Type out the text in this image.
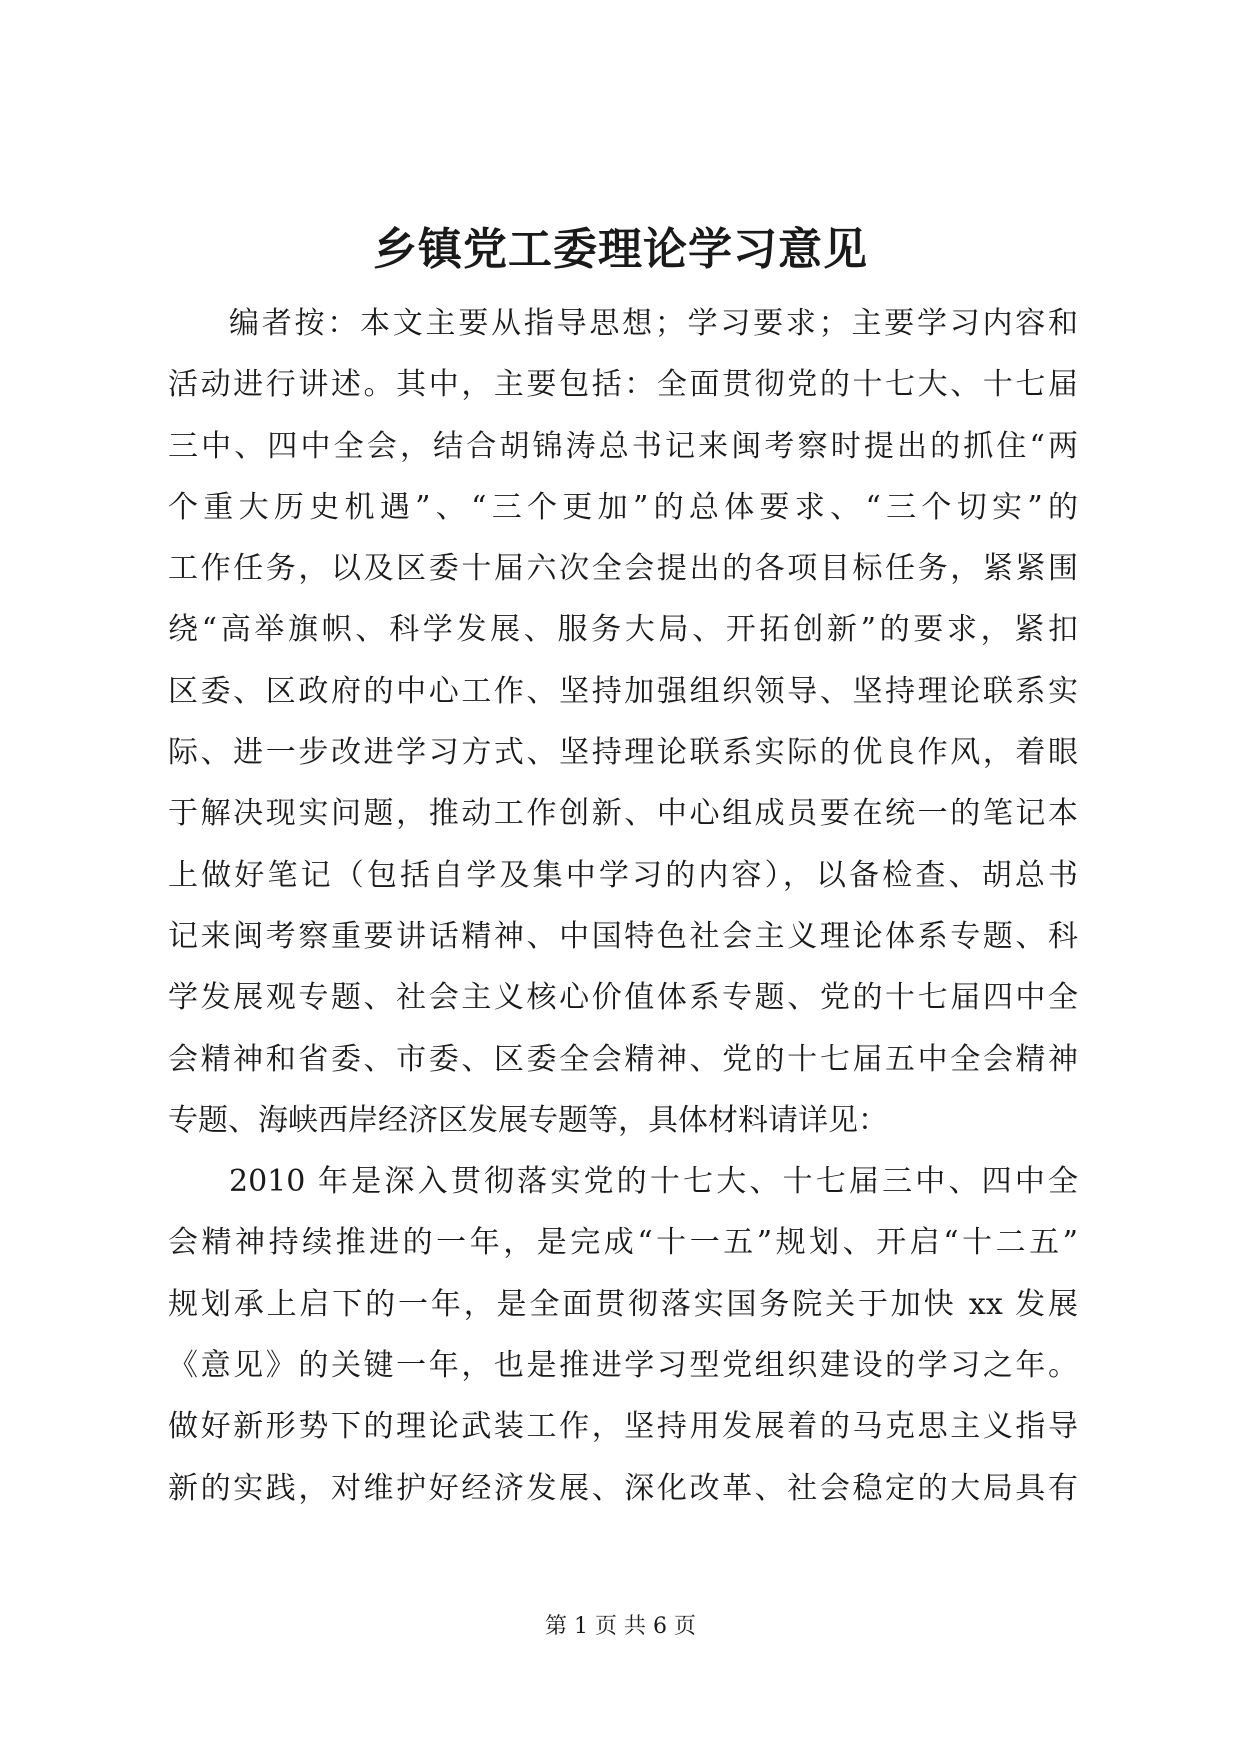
乡镇党工委理论学习意见
编者按：本文主要从指导思想；学习要求；主要学习内容和
活动进行讲述。其中，主要包括：全面贯彻党的十七大、十七届
三中、四中全会，结合胡锦涛总书记来闽考察时提出的抓住“两
个重大历史机遇”、“三个更加”的总体要求、“三个切实”的
工作任务，以及区委十届六次全会提出的各项目标任务，紧紧围
绕“高举旗帜、科学发展、服务大局、开拓创新”的要求，紧扣
区委、区政府的中心工作、坚持加强组织领导、坚持理论联系实
际、进一步改进学习方式、坚持理论联系实际的优良作风，着眼
于解决现实问题，推动工作创新、中心组成员要在统一的笔记本
上做好笔记（包括自学及集中学习的内容），以备检查、胡总书
记来闽考察重要讲话精神、中国特色社会主义理论体系专题、科
学发展观专题、社会主义核心价值体系专题、党的十七届四中全
会精神和省委、市委、区委全会精神、党的十七届五中全会精神
专题、海峡西岸经济区发展专题等，具体材料请详见：
2010 年是深入贯彻落实党的十七大、十七届三中、四中全
会精神持续推进的一年，是完成“十一五”规划、开启“十二五”
规划承上启下的一年，是全面贯彻落实国务院关于加快 xx 发展
《意见》的关键一年，也是推进学习型党组织建设的学习之年。
做好新形势下的理论武装工作，坚持用发展着的马克思主义指导
新的实践，对维护好经济发展、深化改革、社会稳定的大局具有
第 1 页 共 6 页
